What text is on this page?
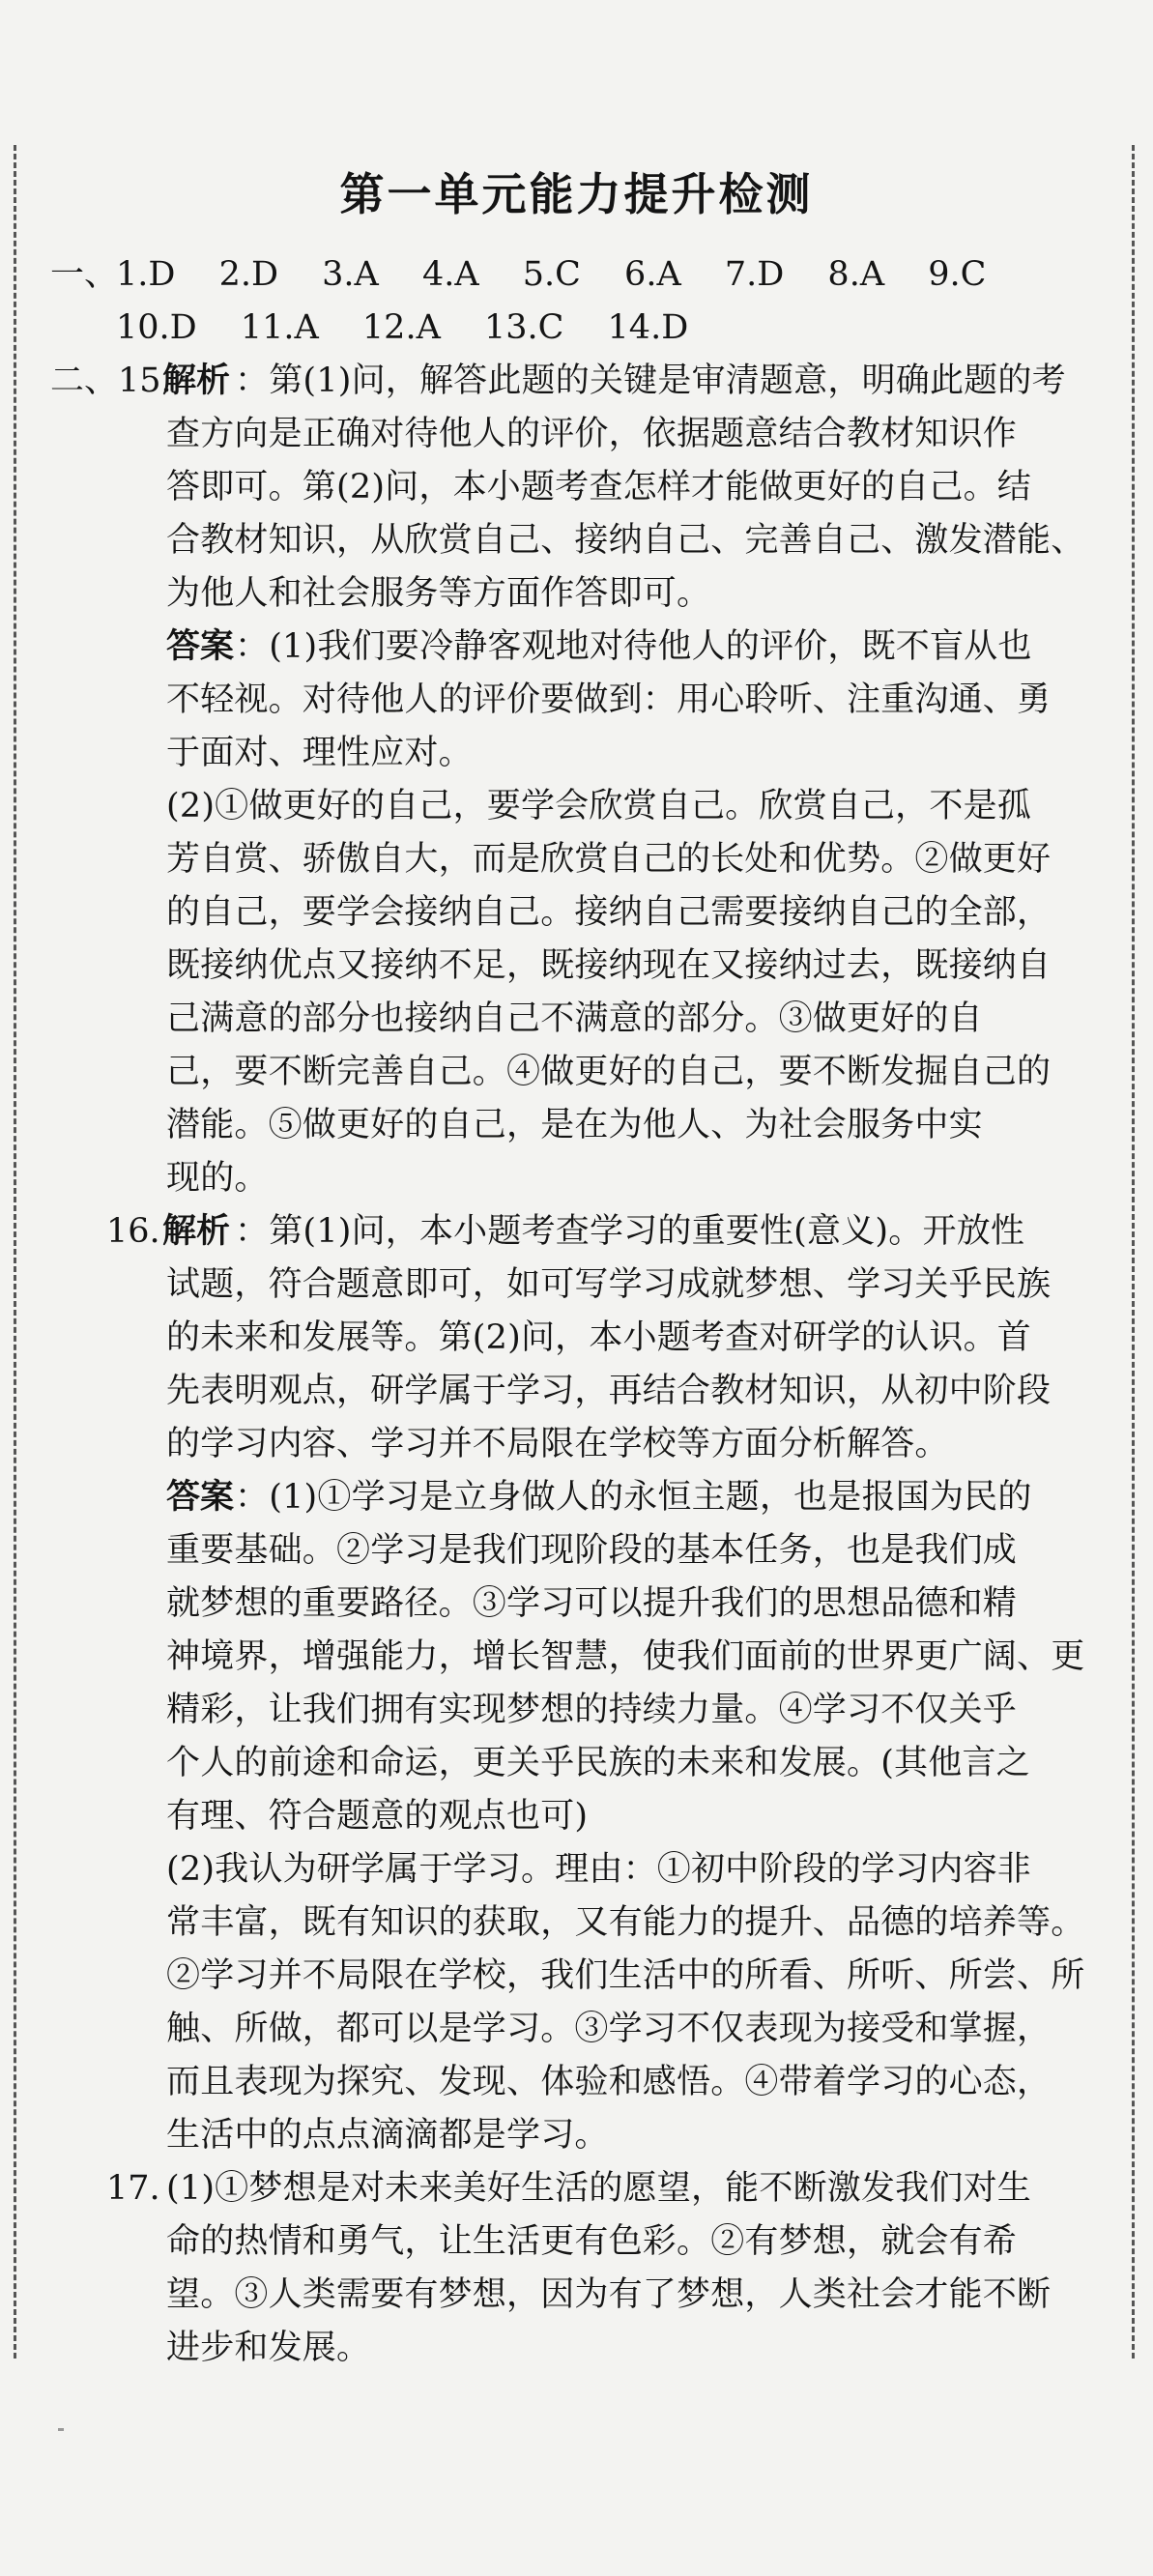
第一单元能力提升检测
一、
1.D 2.D 3.A 4.A 5.C 6.A 7.D 8.A 9.C
10.D 11.A 12.A 13.C 14.D
二、15.
解析 ：第(1)问，解答此题的关键是审清题意，明确此题的考
查方向是正确对待他人的评价，依据题意结合教材知识作
答即可。第(2)问，本小题考查怎样才能做更好的自己。结
合教材知识，从欣赏自己、接纳自己、完善自己、激发潜能、
为他人和社会服务等方面作答即可。
答案 ：(1)我们要冷静客观地对待他人的评价，既不盲从也
不轻视。对待他人的评价要做到：用心聆听、注重沟通、勇
于面对、理性应对。
(2)①做更好的自己，要学会欣赏自己。欣赏自己，不是孤
芳自赏、骄傲自大，而是欣赏自己的长处和优势。②做更好
的自己，要学会接纳自己。接纳自己需要接纳自己的全部，
既接纳优点又接纳不足，既接纳现在又接纳过去，既接纳自
己满意的部分也接纳自己不满意的部分。③做更好的自
己，要不断完善自己。④做更好的自己，要不断发掘自己的
潜能。⑤做更好的自己，是在为他人、为社会服务中实
现的。
16. 解析 ：第(1)问，本小题考查学习的重要性(意义)。开放性
试题，符合题意即可，如可写学习成就梦想、学习关乎民族
的未来和发展等。第(2)问，本小题考查对研学的认识。首
先表明观点，研学属于学习，再结合教材知识，从初中阶段
的学习内容、学习并不局限在学校等方面分析解答。
答案 ：(1)①学习是立身做人的永恒主题，也是报国为民的
重要基础。②学习是我们现阶段的基本任务，也是我们成
就梦想的重要路径。③学习可以提升我们的思想品德和精
神境界，增强能力，增长智慧，使我们面前的世界更广阔、更
精彩，让我们拥有实现梦想的持续力量。④学习不仅关乎
个人的前途和命运，更关乎民族的未来和发展。(其他言之
有理、符合题意的观点也可)
(2)我认为研学属于学习。理由：①初中阶段的学习内容非
常丰富，既有知识的获取，又有能力的提升、品德的培养等。
②学习并不局限在学校，我们生活中的所看、所听、所尝、所
触、所做，都可以是学习。③学习不仅表现为接受和掌握，
而且表现为探究、发现、体验和感悟。④带着学习的心态，
生活中的点点滴滴都是学习。
17. (1)①梦想是对未来美好生活的愿望，能不断激发我们对生
命的热情和勇气，让生活更有色彩。②有梦想，就会有希
望。③人类需要有梦想，因为有了梦想，人类社会才能不断
进步和发展。
